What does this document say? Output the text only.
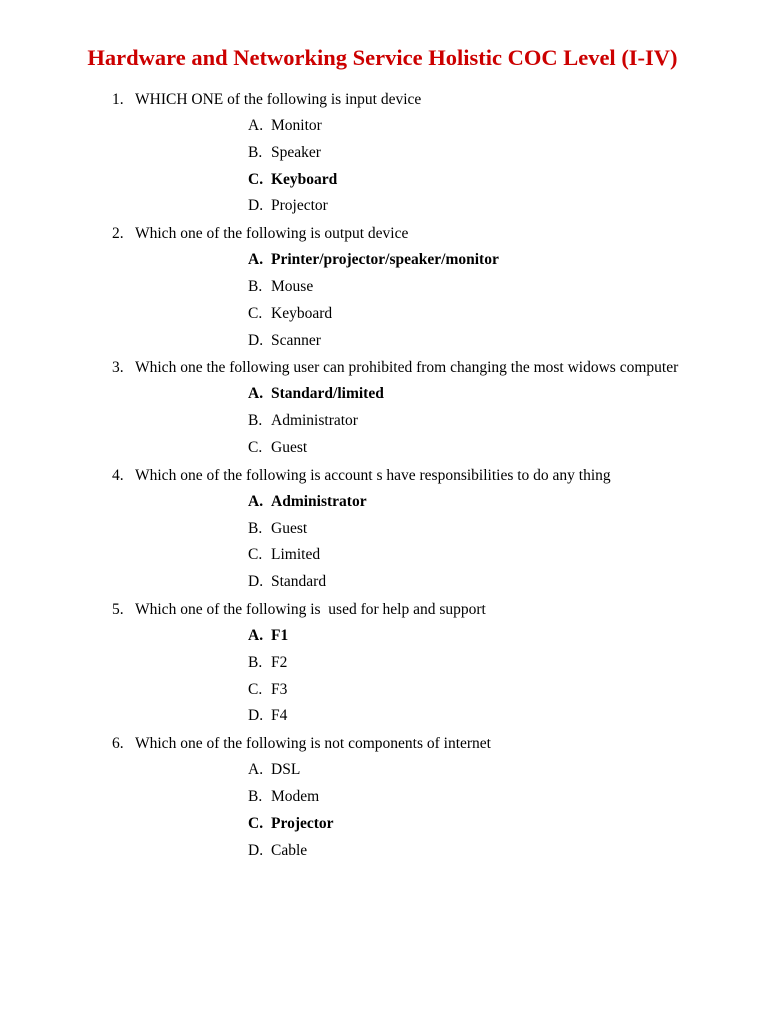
Hardware and Networking Service Holistic COC Level (I-IV)

1.

WHICH ONE of the following is input device

A.

Monitor

B.

Speaker

C.

Keyboard

D.

Projector

2.

Which one of the following is output device

A.

Printer/projector/speaker/monitor

B.

Mouse

C.

Keyboard

D.

Scanner

3.

Which one the following user can prohibited from changing the most widows computer

A.

Standard/limited

B.

Administrator

C.

Guest

4.

Which one of the following is account s have responsibilities to do any thing

A.

Administrator

B.

Guest

C.

Limited

D.

Standard

5.

Which one of the following is  used for help and support

A.

F1

B.

F2

C.

F3

D.

F4

6.

Which one of the following is not components of internet

A.

DSL

B.

Modem

C.

Projector

D.

Cable
